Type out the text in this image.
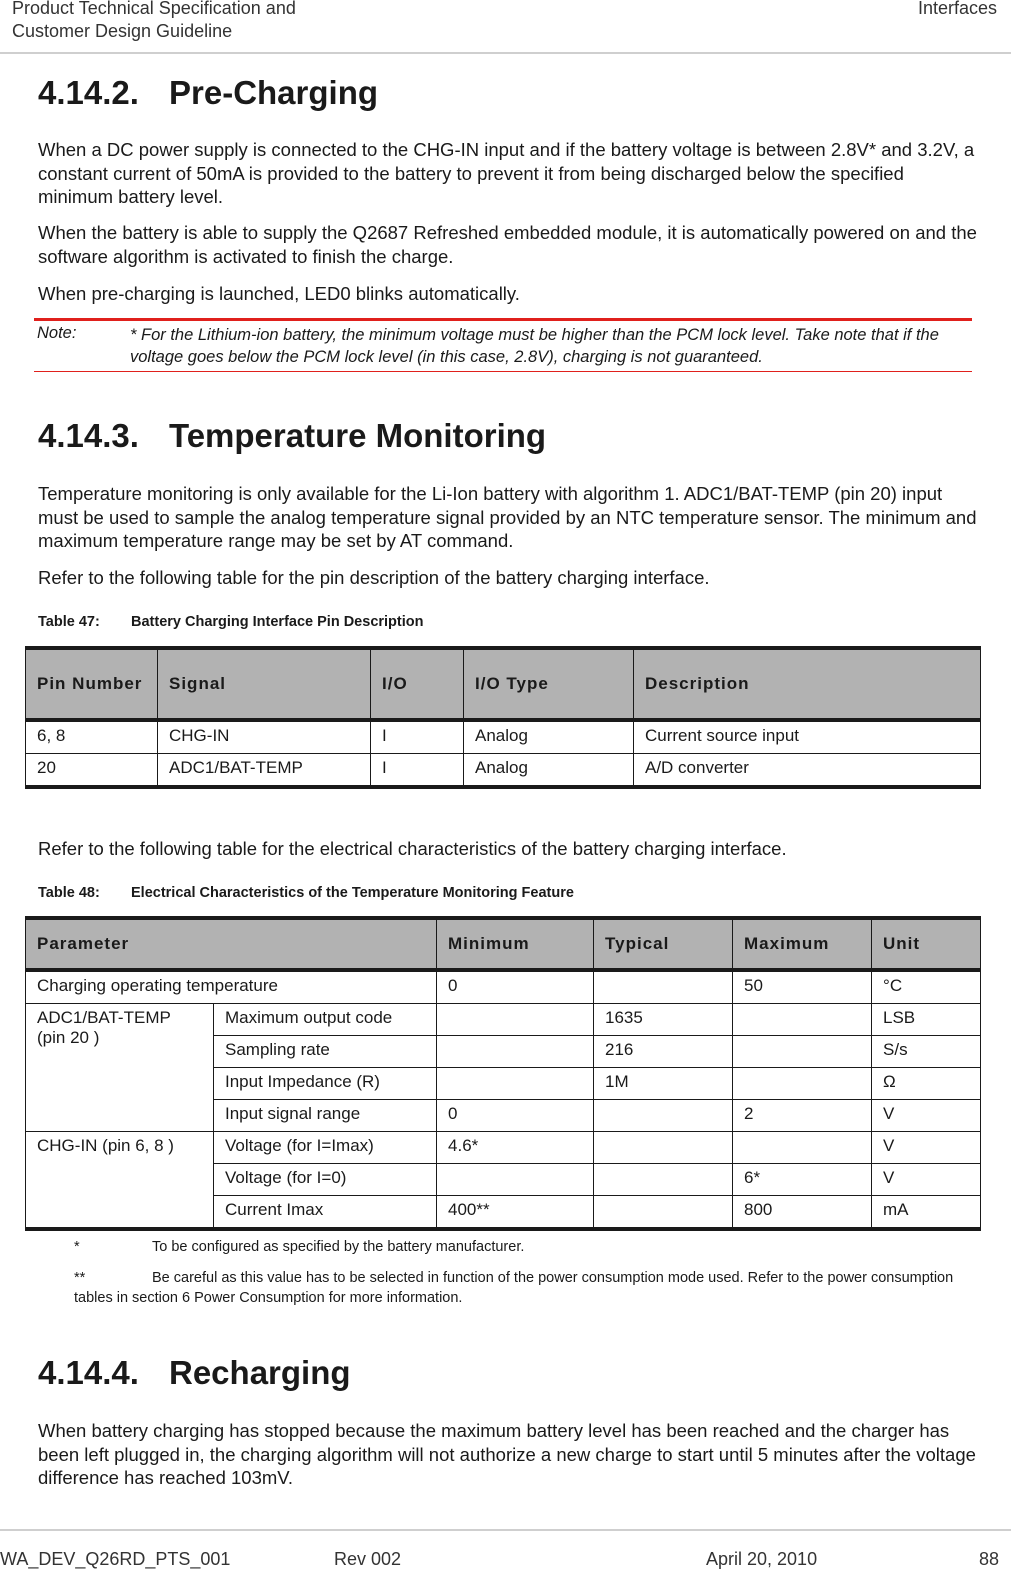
Product Technical Specification and
Customer Design Guideline
Interfaces
4.14.2. Pre-Charging
When a DC power supply is connected to the CHG-IN input and if the battery voltage is between 2.8V* and 3.2V, a constant current of 50mA is provided to the battery to prevent it from being discharged below the specified minimum battery level.
When the battery is able to supply the Q2687 Refreshed embedded module, it is automatically powered on and the software algorithm is activated to finish the charge.
When pre-charging is launched, LED0 blinks automatically.
Note:	* For the Lithium-ion battery, the minimum voltage must be higher than the PCM lock level. Take note that if the voltage goes below the PCM lock level (in this case, 2.8V), charging is not guaranteed.
4.14.3. Temperature Monitoring
Temperature monitoring is only available for the Li-Ion battery with algorithm 1. ADC1/BAT-TEMP (pin 20) input must be used to sample the analog temperature signal provided by an NTC temperature sensor. The minimum and maximum temperature range may be set by AT command.
Refer to the following table for the pin description of the battery charging interface.
Table 47: Battery Charging Interface Pin Description
Pin Number	Signal	I/O	I/O Type	Description
6, 8	CHG-IN	I	Analog	Current source input
20	ADC1/BAT-TEMP	I	Analog	A/D converter
Refer to the following table for the electrical characteristics of the battery charging interface.
Table 48: Electrical Characteristics of the Temperature Monitoring Feature
Parameter		Minimum	Typical	Maximum	Unit
Charging operating temperature		0		50	°C
ADC1/BAT-TEMP (pin 20 )	Maximum output code		1635		LSB
	Sampling rate		216		S/s
	Input Impedance (R)		1M		Ω
	Input signal range	0		2	V
CHG-IN (pin 6, 8 )	Voltage (for I=Imax)	4.6*			V
	Voltage (for I=0)			6*	V
	Current Imax	400**		800	mA
*	To be configured as specified by the battery manufacturer.
**	Be careful as this value has to be selected in function of the power consumption mode used. Refer to the power consumption tables in section 6 Power Consumption for more information.
4.14.4. Recharging
When battery charging has stopped because the maximum battery level has been reached and the charger has been left plugged in, the charging algorithm will not authorize a new charge to start until 5 minutes after the voltage difference has reached 103mV.
WA_DEV_Q26RD_PTS_001	Rev 002	April 20, 2010	88
